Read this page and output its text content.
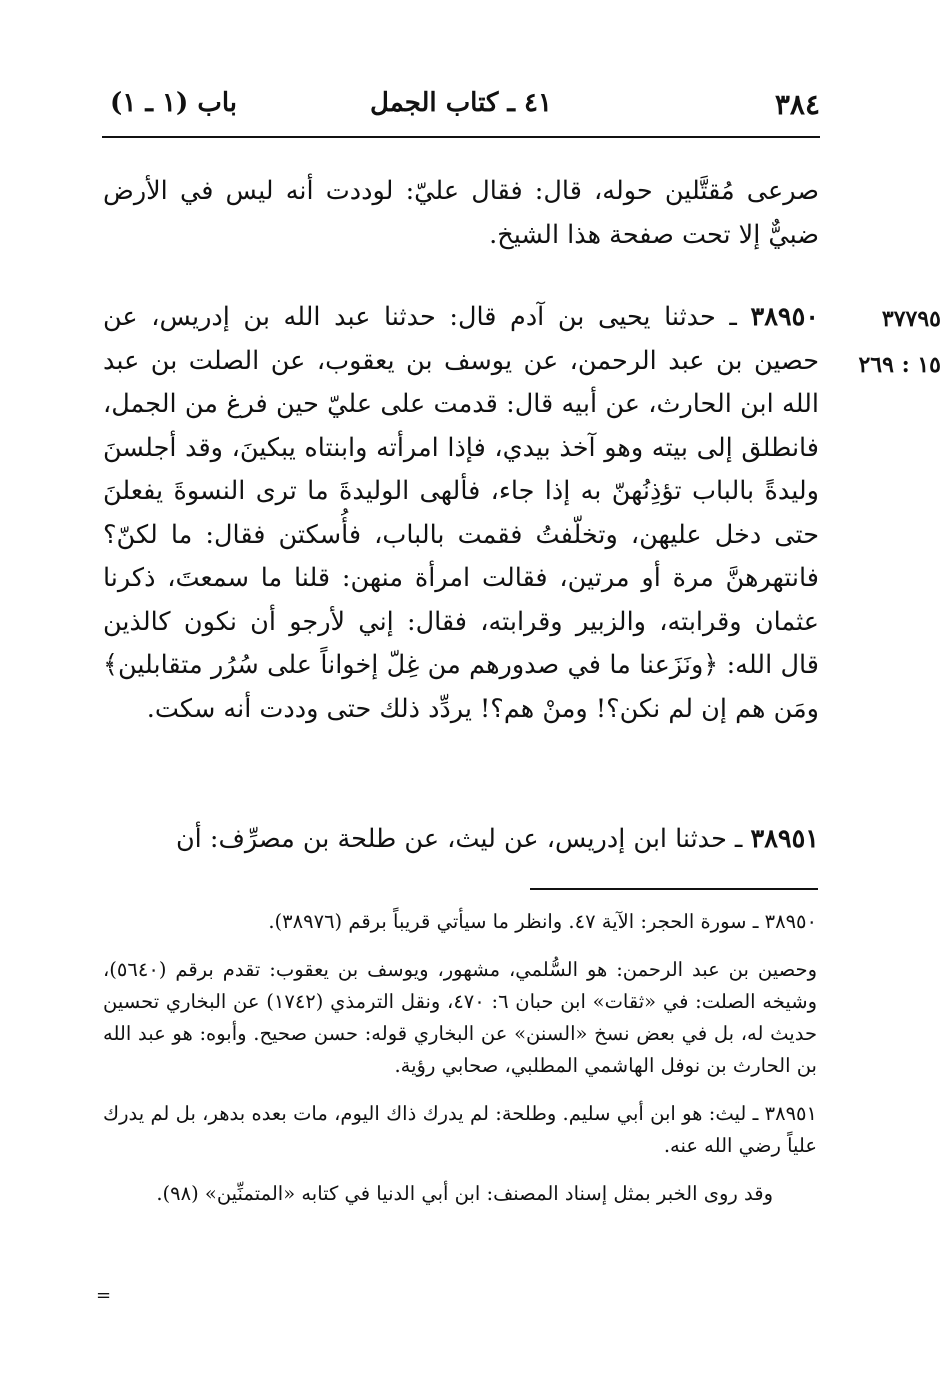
٣٨٤
٤١ ـ كتاب الجمل
باب (١ ـ ١)
٣٧٧٩٥
١٥ : ٢٦٩

صرعى مُقتَّلين حوله، قال: فقال عليّ: لوددت أنه ليس في الأرض ضبيٌّ إلا تحت صفحة هذا الشيخ.

٣٨٩٥٠ ـ حدثنا يحيى بن آدم قال: حدثنا عبد الله بن إدريس، عن حصين بن عبد الرحمن، عن يوسف بن يعقوب، عن الصلت بن عبد الله ابن الحارث، عن أبيه قال: قدمت على عليّ حين فرغ من الجمل، فانطلق إلى بيته وهو آخذ بيدي، فإذا امرأته وابنتاه يبكينَ، وقد أجلسنَ وليدةً بالباب تؤذِنُهنّ به إذا جاء، فألهى الوليدةَ ما ترى النسوةَ يفعلنَ حتى دخل عليهن، وتخلّفتُ فقمت بالباب، فأُسكتن فقال: ما لكنّ؟ فانتهرهنَّ مرة أو مرتين، فقالت امرأة منهن: قلنا ما سمعتَ، ذكرنا عثمان وقرابته، والزبير وقرابته، فقال: إني لأرجو أن نكون كالذين قال الله: ﴿ونَزَعنا ما في صدورهم من غِلّ إخواناً على سُرُر متقابلين﴾ ومَن هم إن لم نكن؟! ومنْ هم؟! يردِّد ذلك حتى وددت أنه سكت.

٣٨٩٥١ ـ حدثنا ابن إدريس، عن ليث، عن طلحة بن مصرِّف: أن

٣٨٩٥٠ ـ سورة الحجر: الآية ٤٧. وانظر ما سيأتي قريباً برقم (٣٨٩٧٦).

وحصين بن عبد الرحمن: هو السُّلمي، مشهور، ويوسف بن يعقوب: تقدم برقم (٥٦٤٠)، وشيخه الصلت: في «ثقات» ابن حبان ٦: ٤٧٠، ونقل الترمذي (١٧٤٢) عن البخاري تحسين حديث له، بل في بعض نسخ «السنن» عن البخاري قوله: حسن صحيح. وأبوه: هو عبد الله بن الحارث بن نوفل الهاشمي المطلبي، صحابي رؤية.

٣٨٩٥١ ـ ليث: هو ابن أبي سليم. وطلحة: لم يدرك ذاك اليوم، مات بعده بدهر، بل لم يدرك علياً رضي الله عنه.

وقد روى الخبر بمثل إسناد المصنف: ابن أبي الدنيا في كتابه «المتمنِّين» (٩٨).

=
